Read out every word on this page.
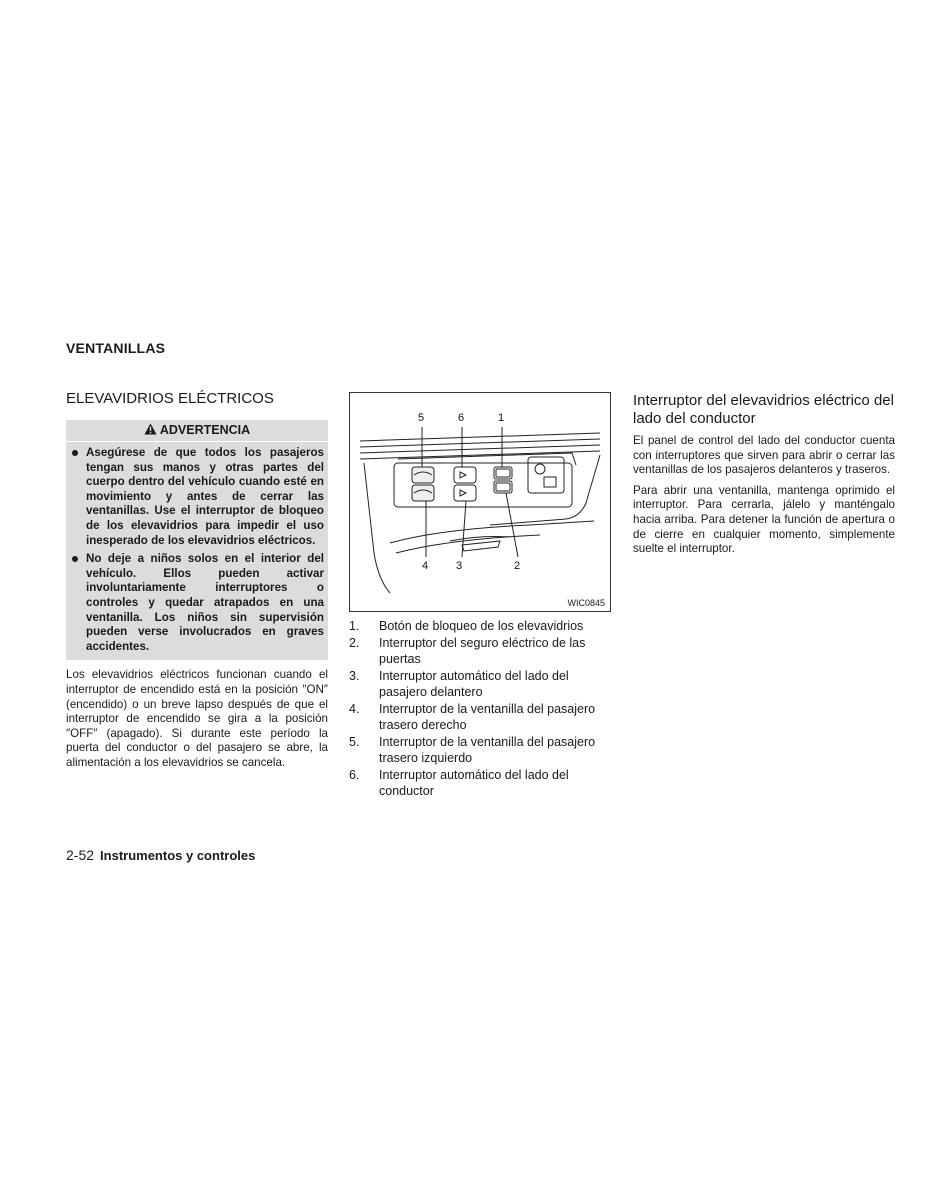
VENTANILLAS
ELEVAVIDRIOS ELÉCTRICOS
ADVERTENCIA
Asegúrese de que todos los pasajeros tengan sus manos y otras partes del cuerpo dentro del vehículo cuando esté en movimiento y antes de cerrar las ventanillas. Use el interruptor de bloqueo de los elevavidrios para impedir el uso inesperado de los elevavidrios eléctricos.
No deje a niños solos en el interior del vehículo. Ellos pueden activar involuntariamente interruptores o controles y quedar atrapados en una ventanilla. Los niños sin supervisión pueden verse involucrados en graves accidentes.

Los elevavidrios eléctricos funcionan cuando el interruptor de encendido está en la posición ″ON″ (encendido) o un breve lapso después de que el interruptor de encendido se gira a la posición ″OFF″ (apagado). Si durante este período la puerta del conductor o del pasajero se abre, la alimentación a los elevavidrios se cancela.

5	6	1
4	3	2
WIC0845
1. Botón de bloqueo de los elevavidrios
2. Interruptor del seguro eléctrico de las puertas
3. Interruptor automático del lado del pasajero delantero
4. Interruptor de la ventanilla del pasajero trasero derecho
5. Interruptor de la ventanilla del pasajero trasero izquierdo
6. Interruptor automático del lado del conductor
Interruptor del elevavidrios eléctrico del lado del conductor

El panel de control del lado del conductor cuenta con interruptores que sirven para abrir o cerrar las ventanillas de los pasajeros delanteros y traseros.

Para abrir una ventanilla, mantenga oprimido el interruptor. Para cerrarla, jálelo y manténgalo hacia arriba. Para detener la función de apertura o de cierre en cualquier momento, simplemente suelte el interruptor.

2-52 Instrumentos y controles
